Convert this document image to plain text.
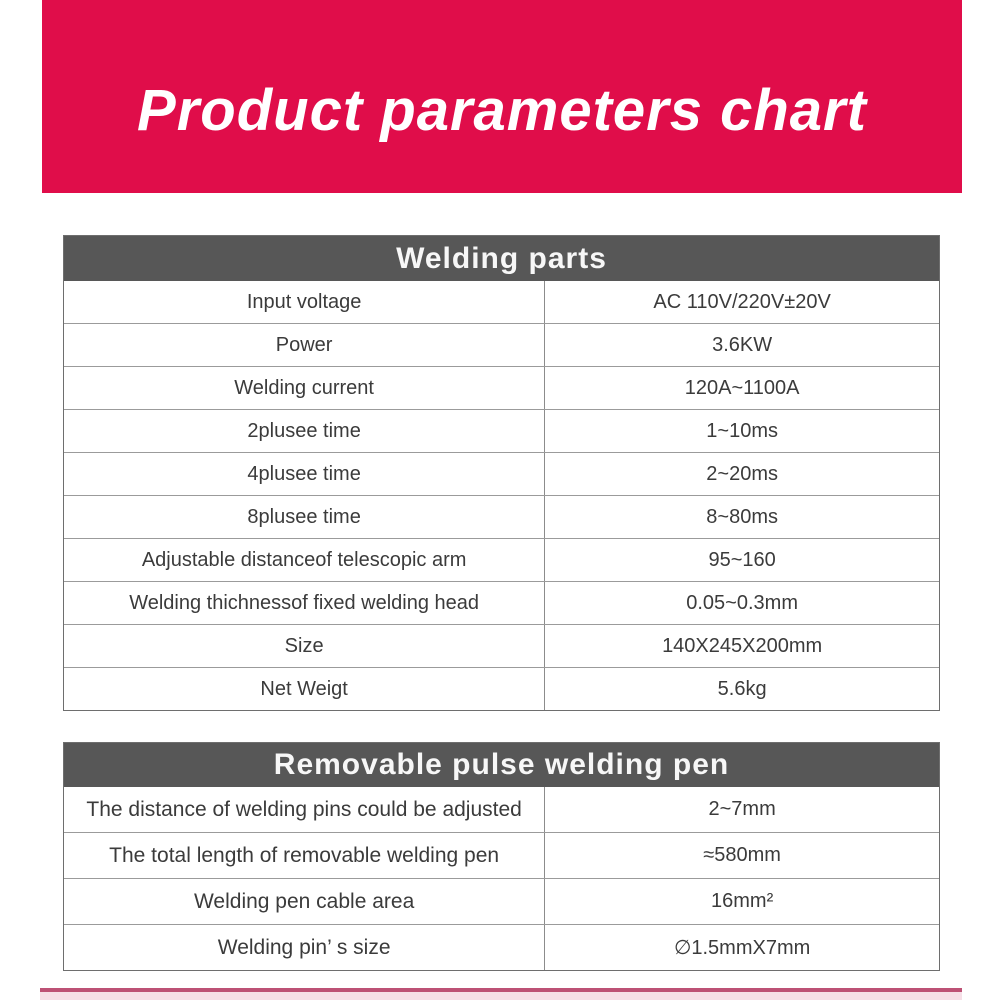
Product parameters chart
Welding parts
Input voltage	AC 110V/220V±20V
Power	3.6KW
Welding current	120A~1100A
2plusee time	1~10ms
4plusee time	2~20ms
8plusee time	8~80ms
Adjustable distanceof telescopic arm	95~160
Welding thichnessof fixed welding head	0.05~0.3mm
Size	140X245X200mm
Net Weigt	5.6kg
Removable pulse welding pen
The distance of welding pins could be adjusted	2~7mm
The total length of removable welding pen	≈580mm
Welding pen cable area	16mm²
Welding pin’ s size	∅1.5mmX7mm
